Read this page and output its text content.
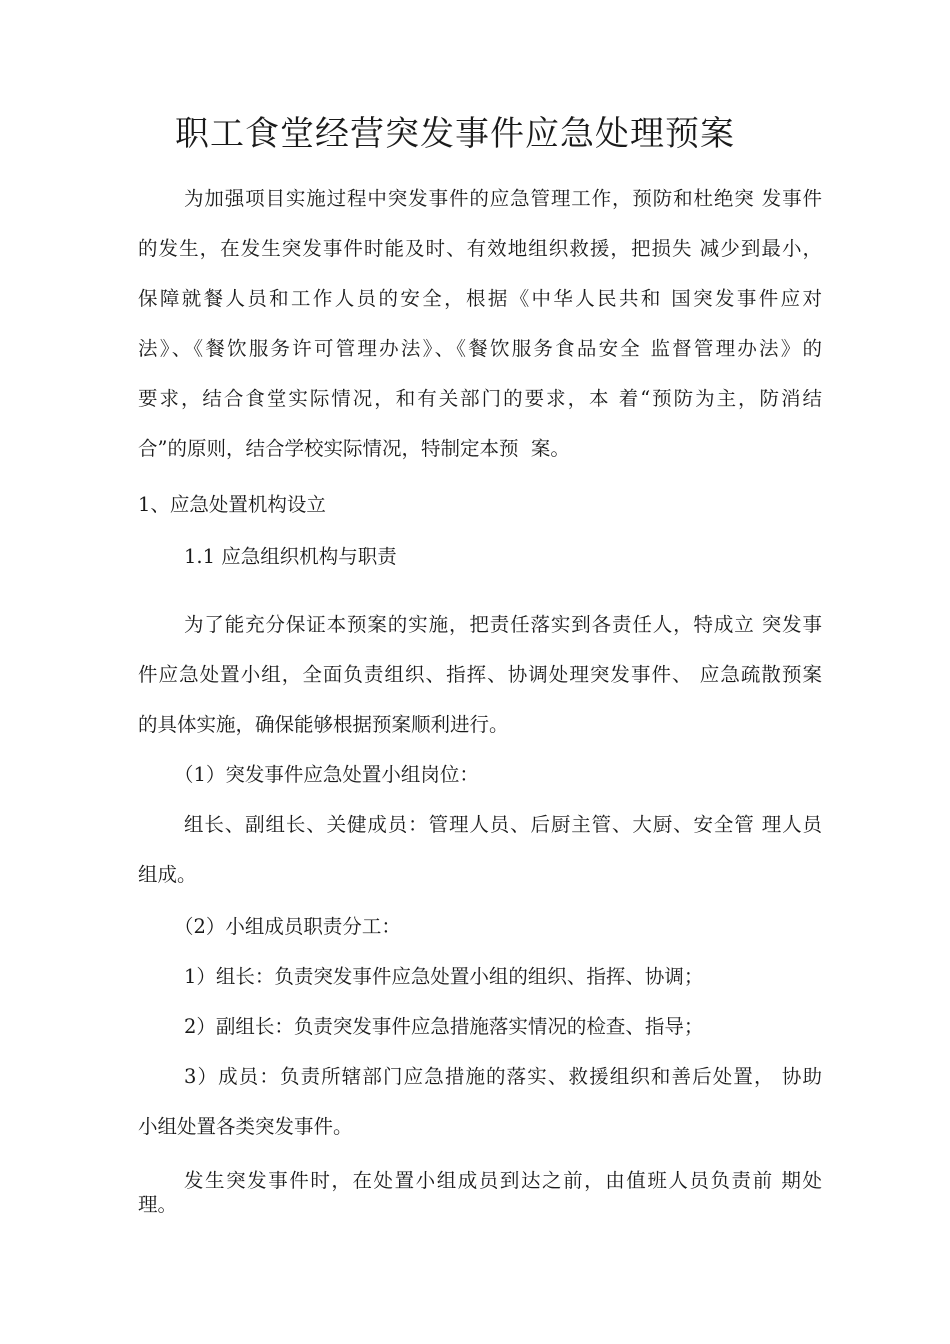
职工食堂经营突发事件应急处理预案
为加强项目实施过程中突发事件的应急管理工作，预防和杜绝突 发事件
的发生，在发生突发事件时能及时、有效地组织救援，把损失 减少到最小，
保障就餐人员和工作人员的安全，根据《中华人民共和 国突发事件应对
法》、《餐饮服务许可管理办法》、《餐饮服务食品安全 监督管理办法》的
要求，结合食堂实际情况，和有关部门的要求，本 着“预防为主，防消结
合”的原则，结合学校实际情况，特制定本预  案。
1、应急处置机构设立
1.1 应急组织机构与职责
为了能充分保证本预案的实施，把责任落实到各责任人，特成立 突发事
件应急处置小组，全面负责组织、指挥、协调处理突发事件、 应急疏散预案
的具体实施，确保能够根据预案顺利进行。
（1）突发事件应急处置小组岗位：
组长、副组长、关健成员：管理人员、后厨主管、大厨、安全管 理人员
组成。
（2）小组成员职责分工：
1）组长：负责突发事件应急处置小组的组织、指挥、协调；
2）副组长：负责突发事件应急措施落实情况的检查、指导；
3）成员：负责所辖部门应急措施的落实、救援组织和善后处置， 协助
小组处置各类突发事件。
发生突发事件时，在处置小组成员到达之前，由值班人员负责前 期处
理。
